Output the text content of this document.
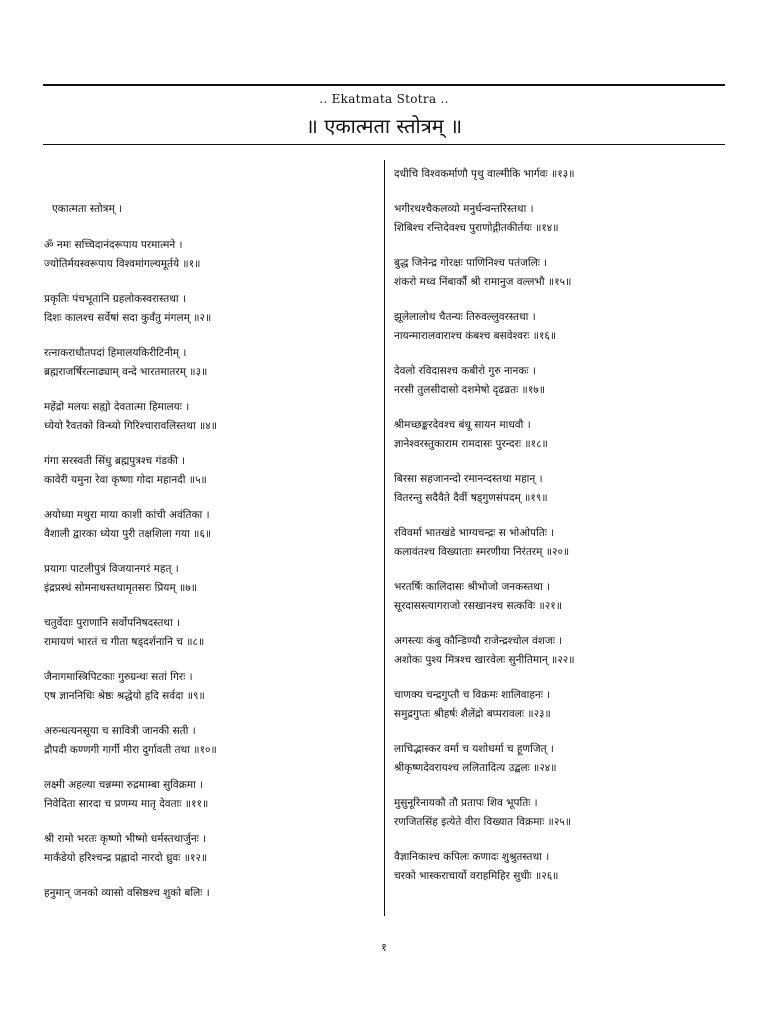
.. Ekatmata Stotra ..
॥ एकात्मता स्तोत्रम् ॥
एकात्मता स्तोत्रम् ।
ॐ नमः सच्चिदानंदरूपाय परमात्मने ।
ज्योतिर्मयस्वरूपाय विश्वमांगल्यमूर्तये ॥१॥
प्रकृतिः पंचभूतानि ग्रहलोकस्वरास्तथा ।
दिशः कालश्च सर्वेषां सदा कुर्वंतु मंगलम् ॥२॥
रत्नाकराधौतपदां हिमालयकिरीटिनीम् ।
ब्रह्मराजर्षिरत्नाढ्याम् वन्दे भारतमातरम् ॥३॥
महेंद्रो मलयः सह्यो देवतात्मा हिमालयः ।
ध्येयो रैवतको विन्ध्यो गिरिश्चारावलिस्तथा ॥४॥
गंगा सरस्वती सिंधु ब्रह्मपुत्रश्च गंडकी ।
कावेरी यमुना रेवा कृष्णा गोदा महानदी ॥५॥
अयोध्या मथुरा माया काशी कांची अवंतिका ।
वैशाली द्वारका ध्येया पुरी तक्षशिला गया ॥६॥
प्रयागः पाटलीपुत्रं विजयानगरं महत् ।
इंद्रप्रस्थं सोमनाथस्तथामृतसरः प्रियम् ॥७॥
चतुर्वेदाः पुराणानि सर्वोपनिषदस्तथा ।
रामायणं भारतं च गीता षड्दर्शनानि च ॥८॥
जैनागमास्त्रिपिटकाः गुरुग्रन्थः सतां गिरः ।
एष ज्ञाननिधिः श्रेष्ठः श्रद्धेयो हृदि सर्वदा ॥९॥
अरुन्धत्यनसूया च सावित्री जानकी सती ।
द्रौपदी कण्णगी गार्गी मीरा दुर्गावती तथा ॥१०॥
लक्ष्मी अहल्या चन्नम्मा रुद्रमाम्बा सुविक्रमा ।
निवेदिता सारदा च प्रणम्य मातृ देवताः ॥११॥
श्री रामो भरतः कृष्णो भीष्मो धर्मस्तथार्जुनः ।
मार्कंडेयो हरिश्चन्द्र प्रह्लादो नारदो ध्रुवः ॥१२॥
हनुमान् जनको व्यासो वसिष्ठश्च शुको बलिः ।
दधीचि विश्वकर्माणौ पृथु वाल्मीकि भार्गवः ॥१३॥
भगीरथश्चैकलव्यो मनुर्धन्वन्तरिस्तथा ।
शिबिश्च रन्तिदेवश्च पुराणोद्गीतकीर्तयः ॥१४॥
बुद्ध जिनेन्द्र गोरक्षः पाणिनिश्च पतंजलिः ।
शंकरो मध्व निंबार्कौ श्री रामानुज वल्लभौ ॥१५॥
झूलेलालोथ चैतन्यः तिरुवल्लुवरस्तथा ।
नायन्मारालवाराश्च कंबश्च बसवेश्वरः ॥१६॥
देवलो रविदासश्च कबीरो गुरु नानकः ।
नरसी तुलसीदासो दशमेषो दृढव्रतः ॥१७॥
श्रीमच्छङ्करदेवश्च बंधू सायन माधवौ ।
ज्ञानेश्वरस्तुकाराम रामदासः पुरन्दरः ॥१८॥
बिरसा सहजानन्दो रमानन्दस्तथा महान् ।
वितरन्तु सदैवैते दैवीं षड्गुणसंपदम् ॥१९॥
रविवर्मा भातखंडे भाग्यचन्द्रः स भोओपतिः ।
कलावंतश्च विख्याताः स्मरणीया निरंतरम् ॥२०॥
भरतर्षिः कालिदासः श्रीभोजो जनकस्तथा ।
सूरदासस्त्यागराजो रसखानश्च सत्कविः ॥२१॥
अगस्त्यः कंबु कौन्डिण्यौ राजेन्द्रश्चोल वंशजः ।
अशोकः पुश्य मित्रश्च खारवेलः सुनीतिमान् ॥२२॥
चाणक्य चन्द्रगुप्तौ च विक्रमः शालिवाहनः ।
समुद्रगुप्तः श्रीहर्षः शैलेंद्रो बप्परावलः ॥२३॥
लाचिद्भास्कर वर्मा च यशोधर्मा च हूणजित् ।
श्रीकृष्णदेवरायश्च ललितादित्य उद्बलः ॥२४॥
मुसुनूरिनायकौ तौ प्रतापः शिव भूपतिः ।
रणजितसिंह इत्येते वीरा विख्यात विक्रमाः ॥२५॥
वैज्ञानिकाश्च कपिलः कणादः शुश्रुतस्तथा ।
चरको भास्कराचार्यो वराहमिहिर सुधीः ॥२६॥
१
